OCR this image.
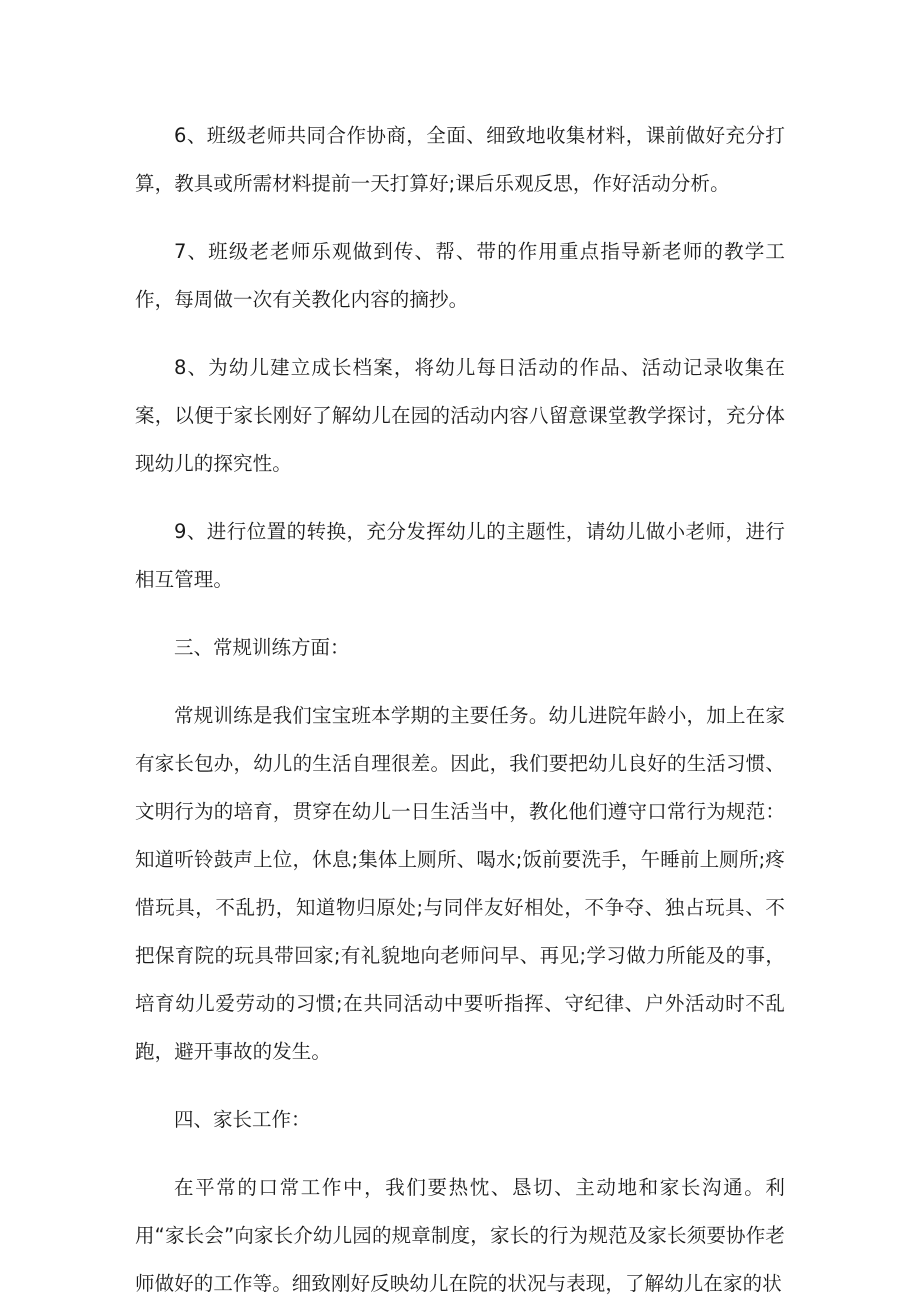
6、班级老师共同合作协商，全面、细致地收集材料，课前做好充分打算，教具或所需材料提前一天打算好;课后乐观反思，作好活动分析。

7、班级老老师乐观做到传、帮、带的作用重点指导新老师的教学工作，每周做一次有关教化内容的摘抄。

8、为幼儿建立成长档案，将幼儿每日活动的作品、活动记录收集在案，以便于家长刚好了解幼儿在园的活动内容八留意课堂教学探讨，充分体现幼儿的探究性。

9、进行位置的转换，充分发挥幼儿的主题性，请幼儿做小老师，进行相互管理。

三、常规训练方面：

常规训练是我们宝宝班本学期的主要任务。幼儿进院年龄小，加上在家有家长包办，幼儿的生活自理很差。因此，我们要把幼儿良好的生活习惯、文明行为的培育，贯穿在幼儿一日生活当中，教化他们遵守口常行为规范：知道听铃鼓声上位，休息;集体上厕所、喝水;饭前要洗手，午睡前上厕所;疼惜玩具，不乱扔，知道物归原处;与同伴友好相处，不争夺、独占玩具、不把保育院的玩具带回家;有礼貌地向老师问早、再见;学习做力所能及的事，培育幼儿爱劳动的习惯;在共同活动中要听指挥、守纪律、户外活动时不乱跑，避开事故的发生。

四、家长工作：

在平常的口常工作中，我们要热忱、恳切、主动地和家长沟通。利用“家长会”向家长介幼儿园的规章制度，家长的行为规范及家长须要协作老师做好的工作等。细致刚好反映幼儿在院的状况与表现，了解幼儿在家的状
